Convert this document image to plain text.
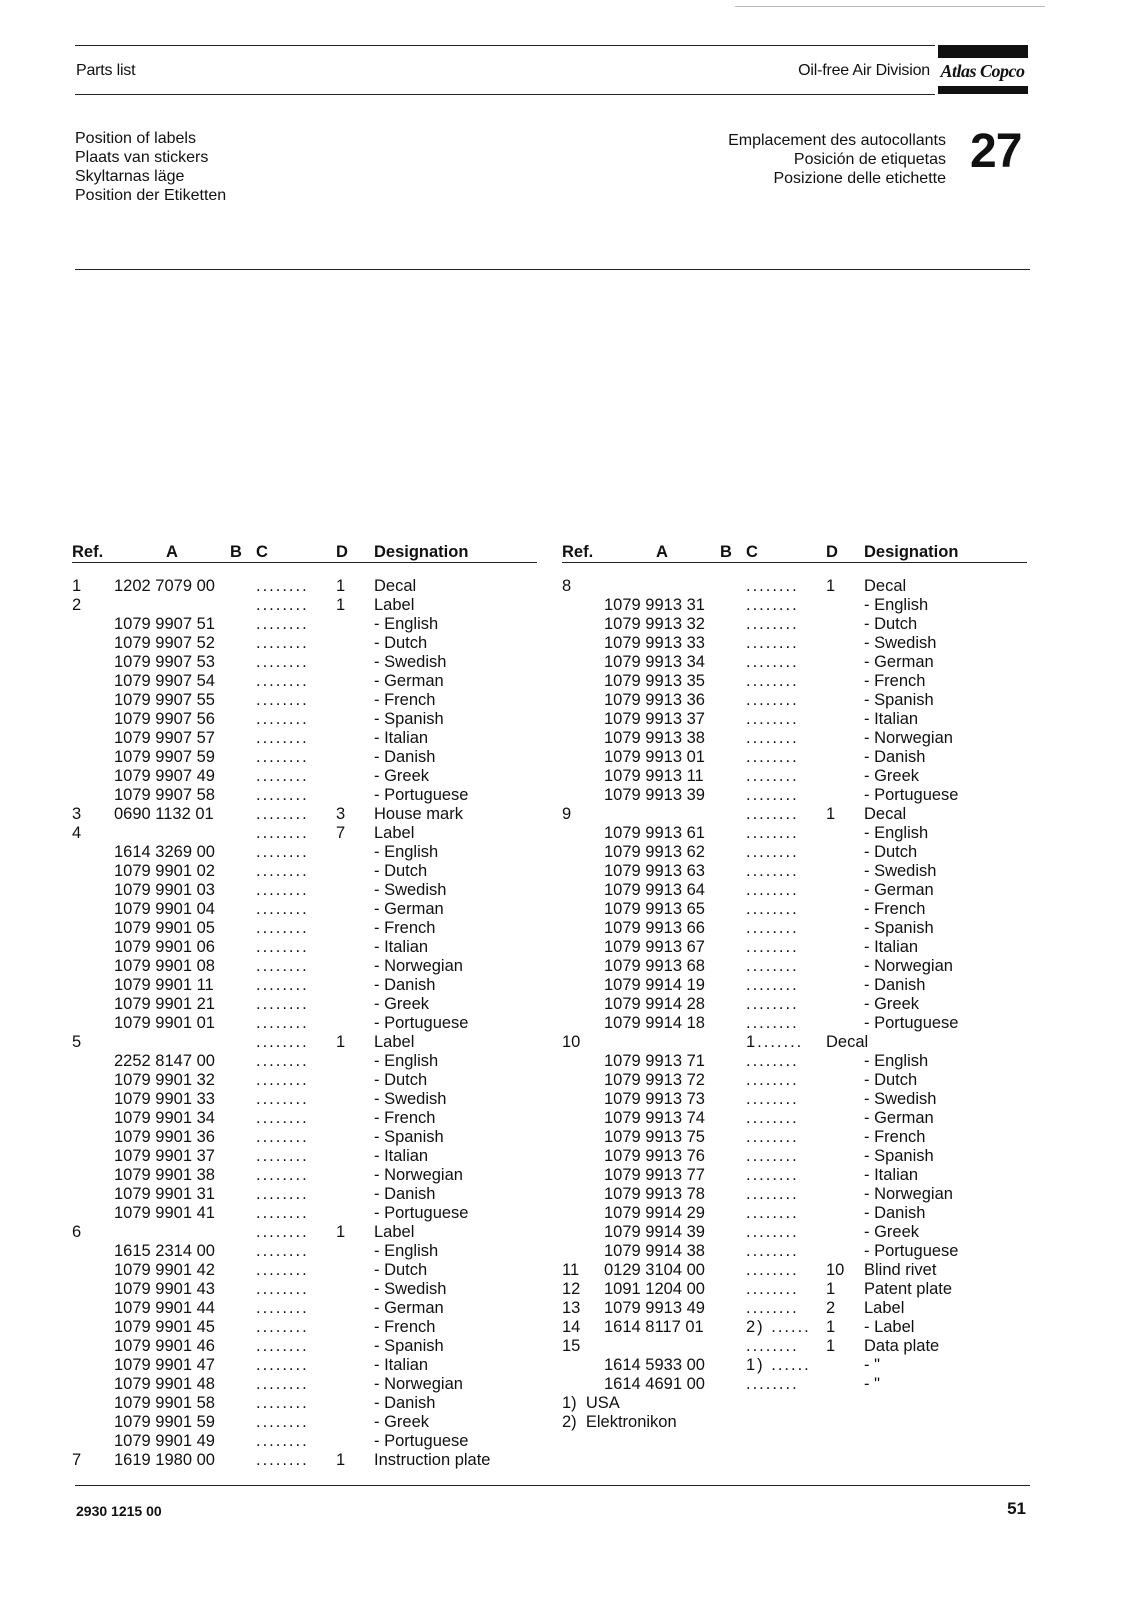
Parts list	Oil-free Air Division Atlas Copco
Position of labels
Plaats van stickers
Skyltarnas läge
Position der Etiketten
Emplacement des autocollants
Posición de etiquetas
Posizione delle etichette
27
Ref.	A	B	C	D	Designation

1	1202 7079 00		........	1	Decal
2			........	1	Label
	1079 9907 51		........		- English
	1079 9907 52		........		- Dutch
	1079 9907 53		........		- Swedish
	1079 9907 54		........		- German
	1079 9907 55		........		- French
	1079 9907 56		........		- Spanish
	1079 9907 57		........		- Italian
	1079 9907 59		........		- Danish
	1079 9907 49		........		- Greek
	1079 9907 58		........		- Portuguese
3	0690 1132 01		........	3	House mark
4			........	7	Label
	1614 3269 00		........		- English
	1079 9901 02		........		- Dutch
	1079 9901 03		........		- Swedish
	1079 9901 04		........		- German
	1079 9901 05		........		- French
	1079 9901 06		........		- Italian
	1079 9901 08		........		- Norwegian
	1079 9901 11		........		- Danish
	1079 9901 21		........		- Greek
	1079 9901 01		........		- Portuguese
5			........	1	Label
	2252 8147 00		........		- English
	1079 9901 32		........		- Dutch
	1079 9901 33		........		- Swedish
	1079 9901 34		........		- French
	1079 9901 36		........		- Spanish
	1079 9901 37		........		- Italian
	1079 9901 38		........		- Norwegian
	1079 9901 31		........		- Danish
	1079 9901 41		........		- Portuguese
6			........	1	Label
	1615 2314 00		........		- English
	1079 9901 42		........		- Dutch
	1079 9901 43		........		- Swedish
	1079 9901 44		........		- German
	1079 9901 45		........		- French
	1079 9901 46		........		- Spanish
	1079 9901 47		........		- Italian
	1079 9901 48		........		- Norwegian
	1079 9901 58		........		- Danish
	1079 9901 59		........		- Greek
	1079 9901 49		........		- Portuguese
7	1619 1980 00		........	1	Instruction plate
Ref.	A	B	C	D	Designation

8			........	1	Decal
	1079 9913 31		........		- English
	1079 9913 32		........		- Dutch
	1079 9913 33		........		- Swedish
	1079 9913 34		........		- German
	1079 9913 35		........		- French
	1079 9913 36		........		- Spanish
	1079 9913 37		........		- Italian
	1079 9913 38		........		- Norwegian
	1079 9913 01		........		- Danish
	1079 9913 11		........		- Greek
	1079 9913 39		........		- Portuguese
9			........	1	Decal
	1079 9913 61		........		- English
	1079 9913 62		........		- Dutch
	1079 9913 63		........		- Swedish
	1079 9913 64		........		- German
	1079 9913 65		........		- French
	1079 9913 66		........		- Spanish
	1079 9913 67		........		- Italian
	1079 9913 68		........		- Norwegian
	1079 9914 19		........		- Danish
	1079 9914 28		........		- Greek
	1079 9914 18		........		- Portuguese
10			1.......	Decal	
	1079 9913 71		........		- English
	1079 9913 72		........		- Dutch
	1079 9913 73		........		- Swedish
	1079 9913 74		........		- German
	1079 9913 75		........		- French
	1079 9913 76		........		- Spanish
	1079 9913 77		........		- Italian
	1079 9913 78		........		- Norwegian
	1079 9914 29		........		- Danish
	1079 9914 39		........		- Greek
	1079 9914 38		........		- Portuguese
11	0129 3104 00		........	10	Blind rivet
12	1091 1204 00		........	1	Patent plate
13	1079 9913 49		........	2	Label
14	1614 8117 01		2) ......	1	- Label
15			........	1	Data plate
	1614 5933 00		1) ......		- "
	1614 4691 00		........		- "
1) USA
2) Elektronikon
2930 1215 00	51
